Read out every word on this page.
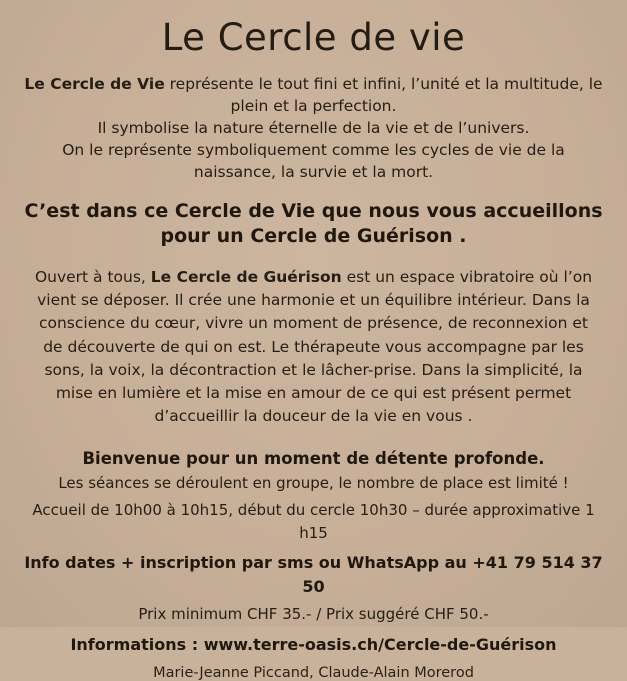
Le Cercle de vie

Le Cercle de Vie représente le tout fini et infini, l’unité et la multitude, le plein et la perfection.

Il symbolise la nature éternelle de la vie et de l’univers.

On le représente symboliquement comme les cycles de vie de la naissance, la survie et la mort.

C’est dans ce Cercle de Vie que nous vous accueillons pour un Cercle de Guérison .

Ouvert à tous, Le Cercle de Guérison est un espace vibratoire où l’on vient se déposer. Il crée une harmonie et un équilibre intérieur. Dans la conscience du cœur, vivre un moment de présence, de reconnexion et de découverte de qui on est. Le thérapeute vous accompagne par les sons, la voix, la décontraction et le lâcher-prise. Dans la simplicité, la mise en lumière et la mise en amour de ce qui est présent permet d’accueillir la douceur de la vie en vous .

Bienvenue pour un moment de détente profonde.

Les séances se déroulent en groupe, le nombre de place est limité !

Accueil de 10h00 à 10h15, début du cercle 10h30 – durée approximative 1 h15

Info dates + inscription par sms ou WhatsApp au +41 79 514 37 50

Prix minimum CHF 35.- / Prix suggéré CHF 50.-

Informations : www.terre-oasis.ch/Cercle-de-Guérison

Marie-Jeanne Piccand, Claude-Alain Morerod
